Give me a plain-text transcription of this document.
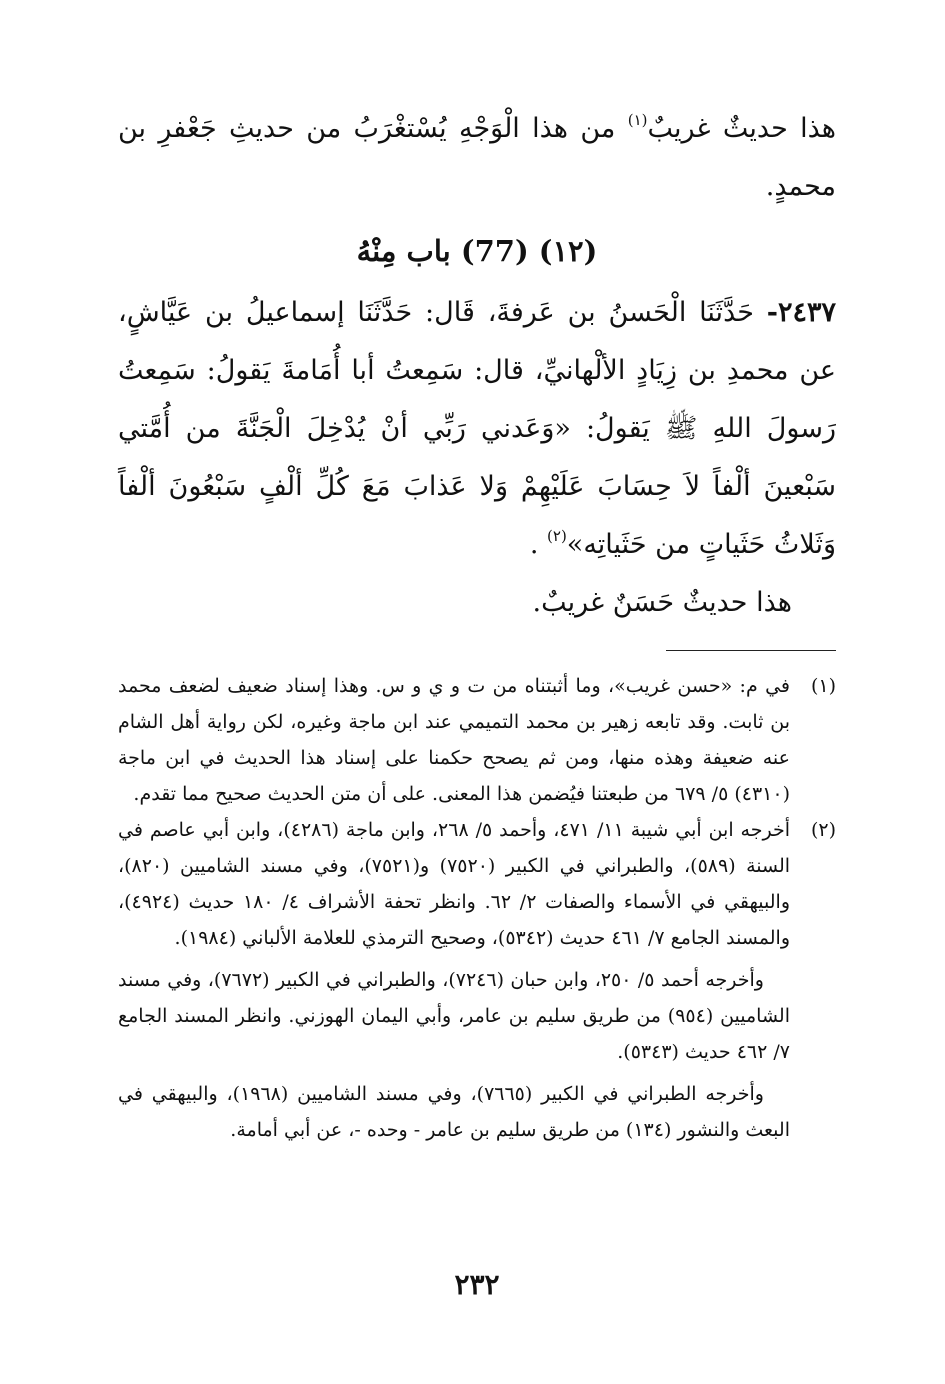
هذا حديثٌ غريبٌ$^{(١)}$ من هذا الْوَجْهِ يُسْتغْرَبُ من حديثِ جَعْفرِ بن محمدٍ.

(١٢) (77) باب مِنْهُ

٢٤٣٧- حَدَّثَنَا الْحَسنُ بن عَرفةَ، قَال: حَدَّثَنَا إسماعيلُ بن عَيَّاشٍ، عن محمدِ بن زِيَادٍ الألْهانيِّ، قال: سَمِعتُ أبا أُمَامةَ يَقولُ: سَمِعتُ رَسولَ اللهِ ﷺ يَقولُ: «وَعَدني رَبِّي أنْ يُدْخِلَ الْجَنَّةَ من أُمَّتي سَبْعينَ ألْفاً لاَ حِسَابَ عَلَيْهِمْ وَلا عَذابَ مَعَ كُلِّ ألْفٍ سَبْعُونَ ألْفاً وَثَلاثُ حَثَياتٍ من حَثَياتِه»$^{(٢)}$ .

هذا حديثٌ حَسَنٌ غريبٌ.

(١)

في م: «حسن غريب»، وما أثبتناه من ت و ي و س. وهذا إسناد ضعيف لضعف محمد بن ثابت. وقد تابعه زهير بن محمد التميمي عند ابن ماجة وغيره، لكن رواية أهل الشام عنه ضعيفة وهذه منها، ومن ثم يصحح حكمنا على إسناد هذا الحديث في ابن ماجة (٤٣١٠) ٥/ ٦٧٩ من طبعتنا فيُضمن هذا المعنى. على أن متن الحديث صحيح مما تقدم.

(٢)

أخرجه ابن أبي شيبة ١١/ ٤٧١، وأحمد ٥/ ٢٦٨، وابن ماجة (٤٢٨٦)، وابن أبي عاصم في السنة (٥٨٩)، والطبراني في الكبير (٧٥٢٠) و(٧٥٢١)، وفي مسند الشاميين (٨٢٠)، والبيهقي في الأسماء والصفات ٢/ ٦٢. وانظر تحفة الأشراف ٤/ ١٨٠ حديث (٤٩٢٤)، والمسند الجامع ٧/ ٤٦١ حديث (٥٣٤٢)، وصحيح الترمذي للعلامة الألباني (١٩٨٤).

وأخرجه أحمد ٥/ ٢٥٠، وابن حبان (٧٢٤٦)، والطبراني في الكبير (٧٦٧٢)، وفي مسند الشاميين (٩٥٤) من طريق سليم بن عامر، وأبي اليمان الهوزني. وانظر المسند الجامع ٧/ ٤٦٢ حديث (٥٣٤٣).

وأخرجه الطبراني في الكبير (٧٦٦٥)، وفي مسند الشاميين (١٩٦٨)، والبيهقي في البعث والنشور (١٣٤) من طريق سليم بن عامر - وحده -، عن أبي أمامة.

٢٣٢
